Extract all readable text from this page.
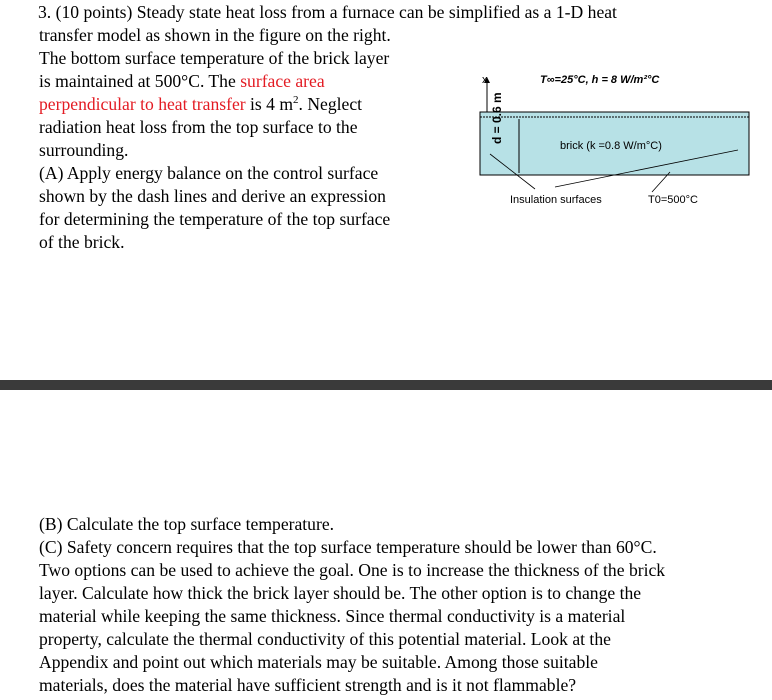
3. (10 points) Steady state heat loss from a furnace can be simplified as a 1-D heat
transfer model as shown in the figure on the right.
The bottom surface temperature of the brick layer
is maintained at 500°C. The surface area
perpendicular to heat transfer is 4 $m^2$. Neglect
radiation heat loss from the top surface to the
surrounding.
(A) Apply energy balance on the control surface
shown by the dash lines and derive an expression
for determining the temperature of the top surface
of the brick.
x	T∞=25°C, h = 8 W/m²°C
d = 0.6 m
brick (k =0.8 W/m°C)
Insulation surfaces	T0=500°C
(B) Calculate the top surface temperature.
(C) Safety concern requires that the top surface temperature should be lower than 60°C.
Two options can be used to achieve the goal. One is to increase the thickness of the brick
layer. Calculate how thick the brick layer should be. The other option is to change the
material while keeping the same thickness. Since thermal conductivity is a material
property, calculate the thermal conductivity of this potential material. Look at the
Appendix and point out which materials may be suitable. Among those suitable
materials, does the material have sufficient strength and is it not flammable?
